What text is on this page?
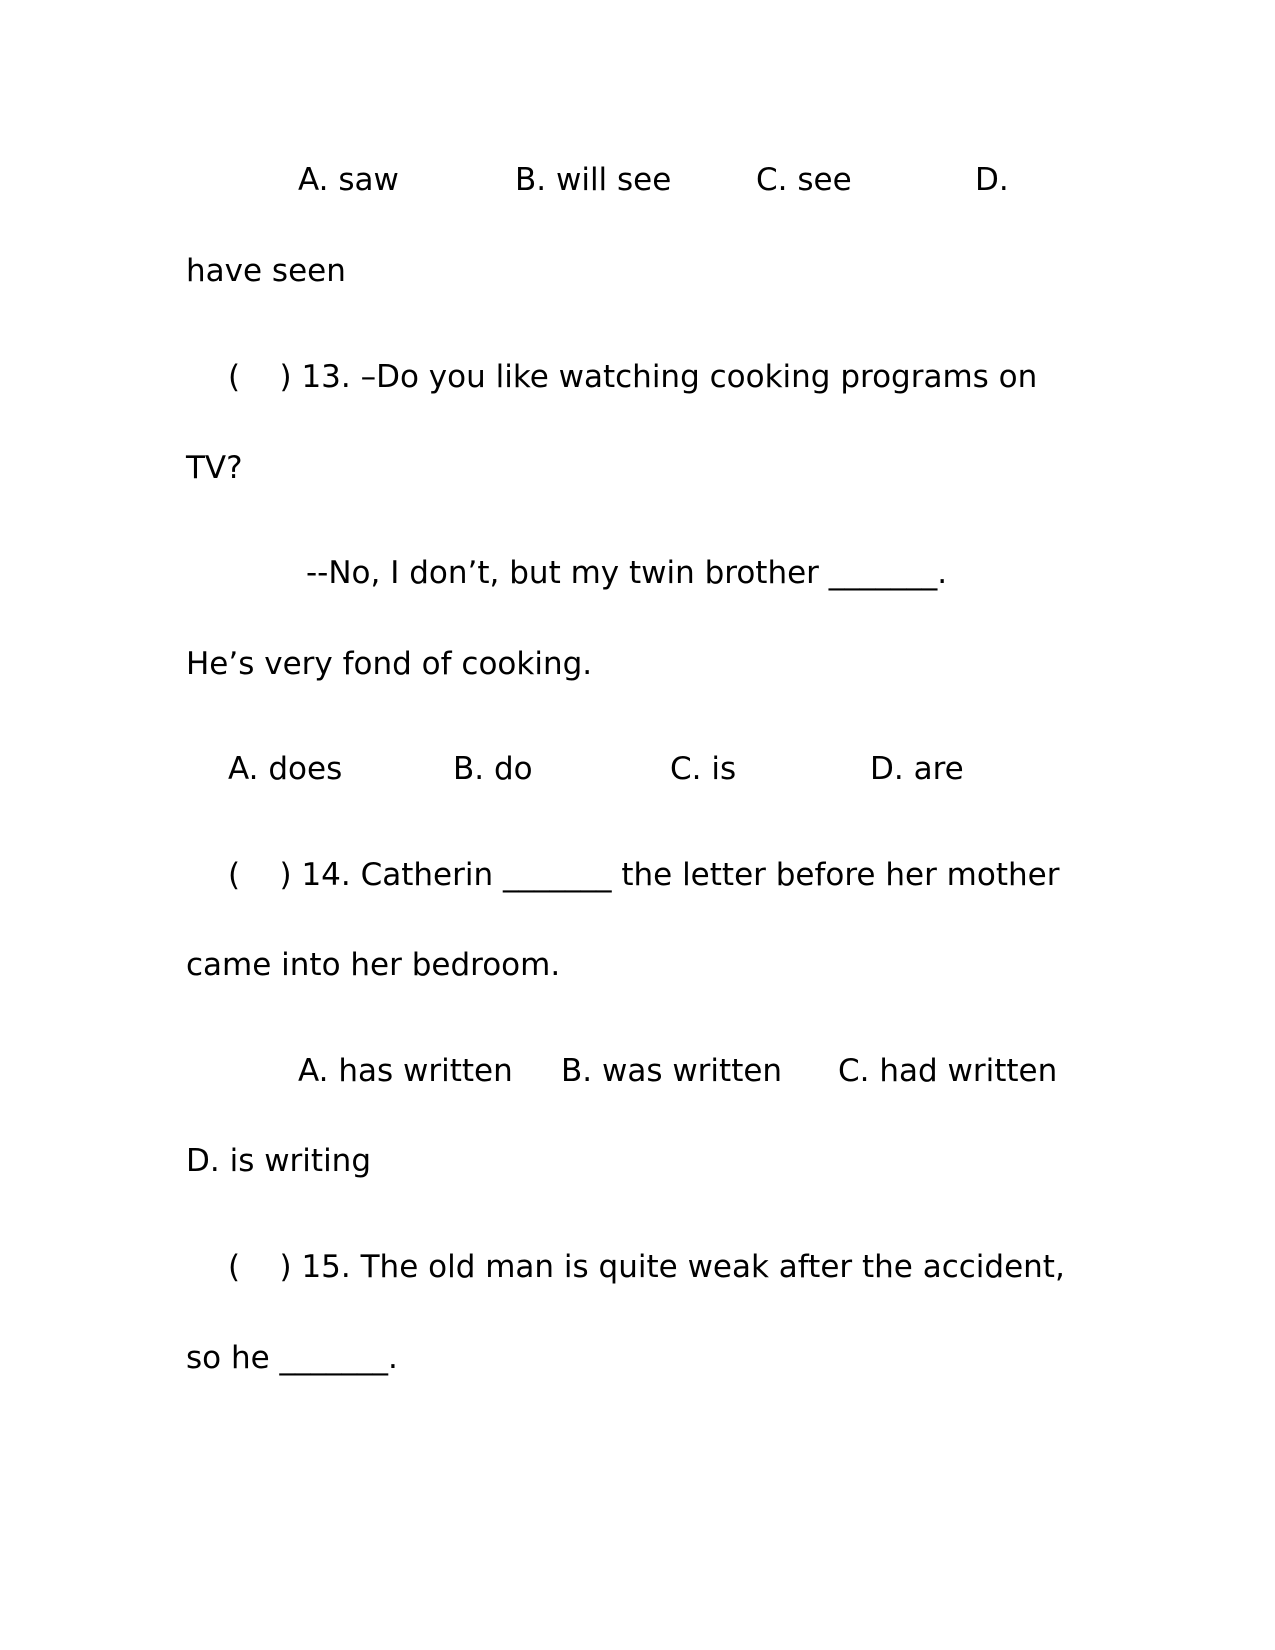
A. saw	B. will see	C. see	D.
have seen
(    ) 13. –Do you like watching cooking programs on
TV?
--No, I don’t, but my twin brother _______.
He’s very fond of cooking.
A. does	B. do	C. is	D. are
(    ) 14. Catherin _______ the letter before her mother
came into her bedroom.
A. has written B. was written C. had written
D. is writing
(    ) 15. The old man is quite weak after the accident,
so he _______.
